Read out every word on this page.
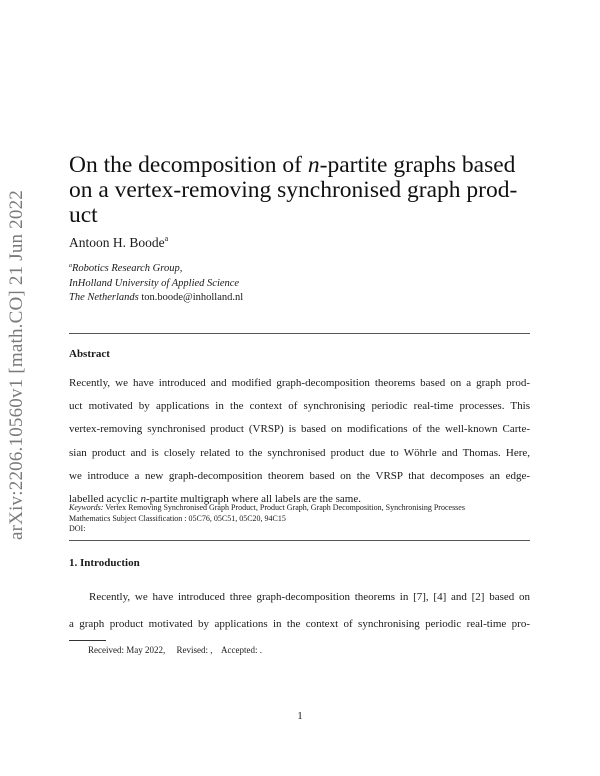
arXiv:2206.10560v1 [math.CO] 21 Jun 2022
On the decomposition of n-partite graphs based on a vertex-removing synchronised graph prod-uct
Antoon H. Boode$^a$
$^a$Robotics Research Group,
InHolland University of Applied Science
The Netherlands ton.boode@inholland.nl
Abstract
Recently, we have introduced and modified graph-decomposition theorems based on a graph prod-
uct motivated by applications in the context of synchronising periodic real-time processes. This
vertex-removing synchronised product (VRSP) is based on modifications of the well-known Carte-
sian product and is closely related to the synchronised product due to Wöhrle and Thomas. Here,
we introduce a new graph-decomposition theorem based on the VRSP that decomposes an edge-
labelled acyclic n-partite multigraph where all labels are the same.
Keywords: Vertex Removing Synchronised Graph Product, Product Graph, Graph Decomposition, Synchronising Processes
Mathematics Subject Classification : 05C76, 05C51, 05C20, 94C15
DOI:
1. Introduction
Recently, we have introduced three graph-decomposition theorems in [7], [4] and [2] based on
a graph product motivated by applications in the context of synchronising periodic real-time pro-
Received: May 2022,     Revised: ,    Accepted: .
1
